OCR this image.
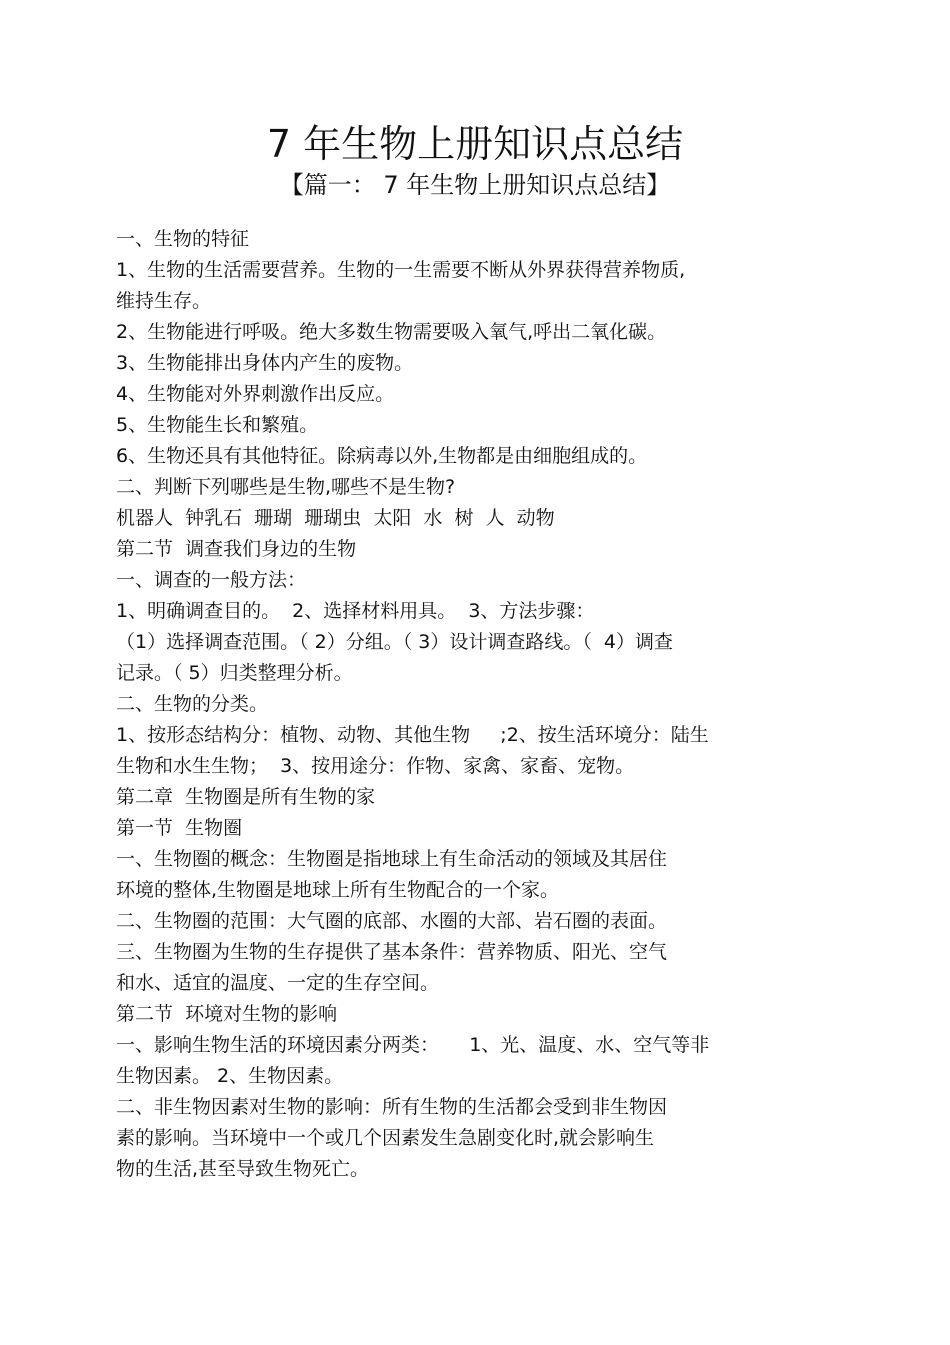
7 年生物上册知识点总结
【篇一： 7 年生物上册知识点总结】
一、生物的特征
1、生物的生活需要营养。生物的一生需要不断从外界获得营养物质,
维持生存。
2、生物能进行呼吸。绝大多数生物需要吸入氧气,呼出二氧化碳。
3、生物能排出身体内产生的废物。
4、生物能对外界刺激作出反应。
5、生物能生长和繁殖。
6、生物还具有其他特征。除病毒以外,生物都是由细胞组成的。
二、判断下列哪些是生物,哪些不是生物?
机器人  钟乳石  珊瑚  珊瑚虫  太阳  水  树  人  动物
第二节  调查我们身边的生物
一、调查的一般方法：
1、明确调查目的。  2、选择材料用具。  3、方法步骤：
（1）选择调查范围。（ 2）分组。（ 3）设计调查路线。（  4）调查
记录。（ 5）归类整理分析。
二、生物的分类。
1、按形态结构分：植物、动物、其他生物     ;2、按生活环境分：陆生
生物和水生生物；  3、按用途分：作物、家禽、家畜、宠物。
第二章  生物圈是所有生物的家
第一节  生物圈
一、生物圈的概念：生物圈是指地球上有生命活动的领域及其居住
环境的整体,生物圈是地球上所有生物配合的一个家。
二、生物圈的范围：大气圈的底部、水圈的大部、岩石圈的表面。
三、生物圈为生物的生存提供了基本条件：营养物质、阳光、空气
和水、适宜的温度、一定的生存空间。
第二节  环境对生物的影响
一、影响生物生活的环境因素分两类：     1、光、温度、水、空气等非
生物因素。 2、生物因素。
二、非生物因素对生物的影响：所有生物的生活都会受到非生物因
素的影响。当环境中一个或几个因素发生急剧变化时,就会影响生
物的生活,甚至导致生物死亡。
